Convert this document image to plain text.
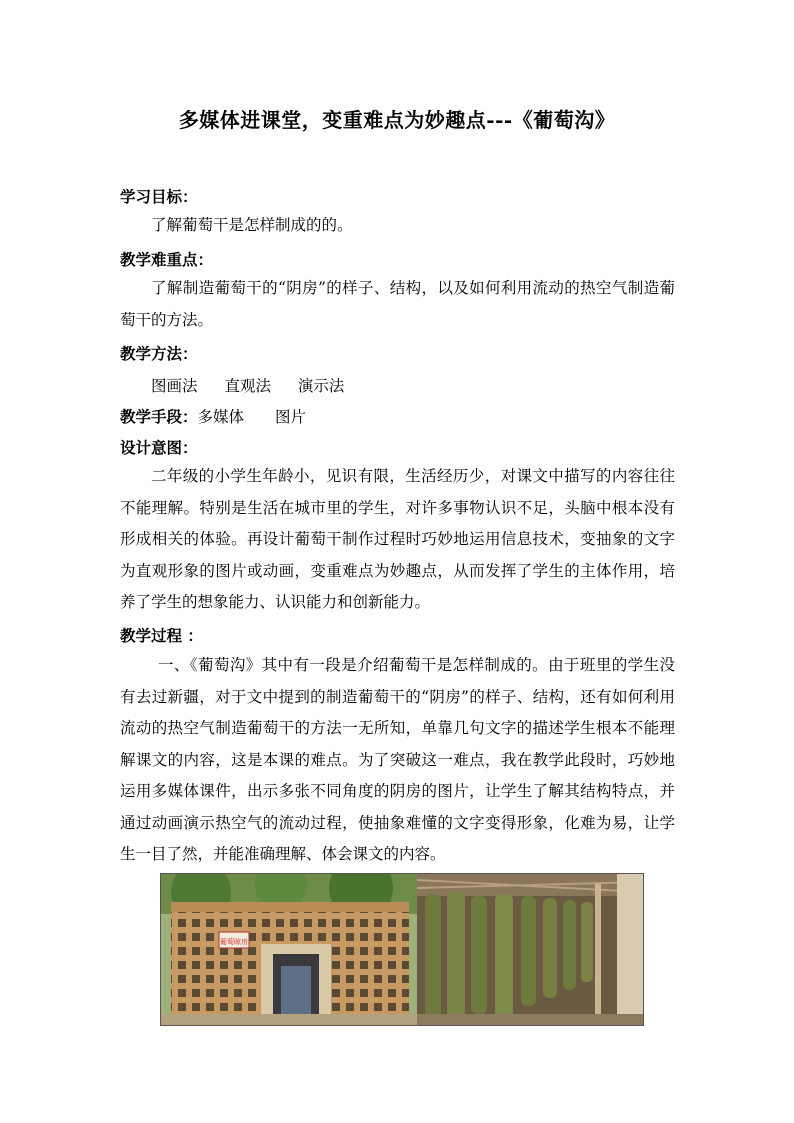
多媒体进课堂，变重难点为妙趣点---《葡萄沟》
学习目标：
了解葡萄干是怎样制成的的。
教学难重点：
了解制造葡萄干的“阴房”的样子、结构，以及如何利用流动的热空气制造葡萄干的方法。
教学方法：
图画法 直观法 演示法
教学手段：多媒体 图片
设计意图：
二年级的小学生年龄小，见识有限，生活经历少，对课文中描写的内容往往不能理解。特别是生活在城市里的学生，对许多事物认识不足，头脑中根本没有形成相关的体验。再设计葡萄干制作过程时巧妙地运用信息技术，变抽象的文字为直观形象的图片或动画，变重难点为妙趣点，从而发挥了学生的主体作用，培养了学生的想象能力、认识能力和创新能力。
教学过程 ：
一、《葡萄沟》其中有一段是介绍葡萄干是怎样制成的。由于班里的学生没有去过新疆，对于文中提到的制造葡萄干的“阴房”的样子、结构，还有如何利用流动的热空气制造葡萄干的方法一无所知，单靠几句文字的描述学生根本不能理解课文的内容，这是本课的难点。为了突破这一难点，我在教学此段时，巧妙地运用多媒体课件，出示多张不同角度的阴房的图片，让学生了解其结构特点，并通过动画演示热空气的流动过程，使抽象难懂的文字变得形象，化难为易，让学生一目了然，并能准确理解、体会课文的内容。
葡萄晾房
